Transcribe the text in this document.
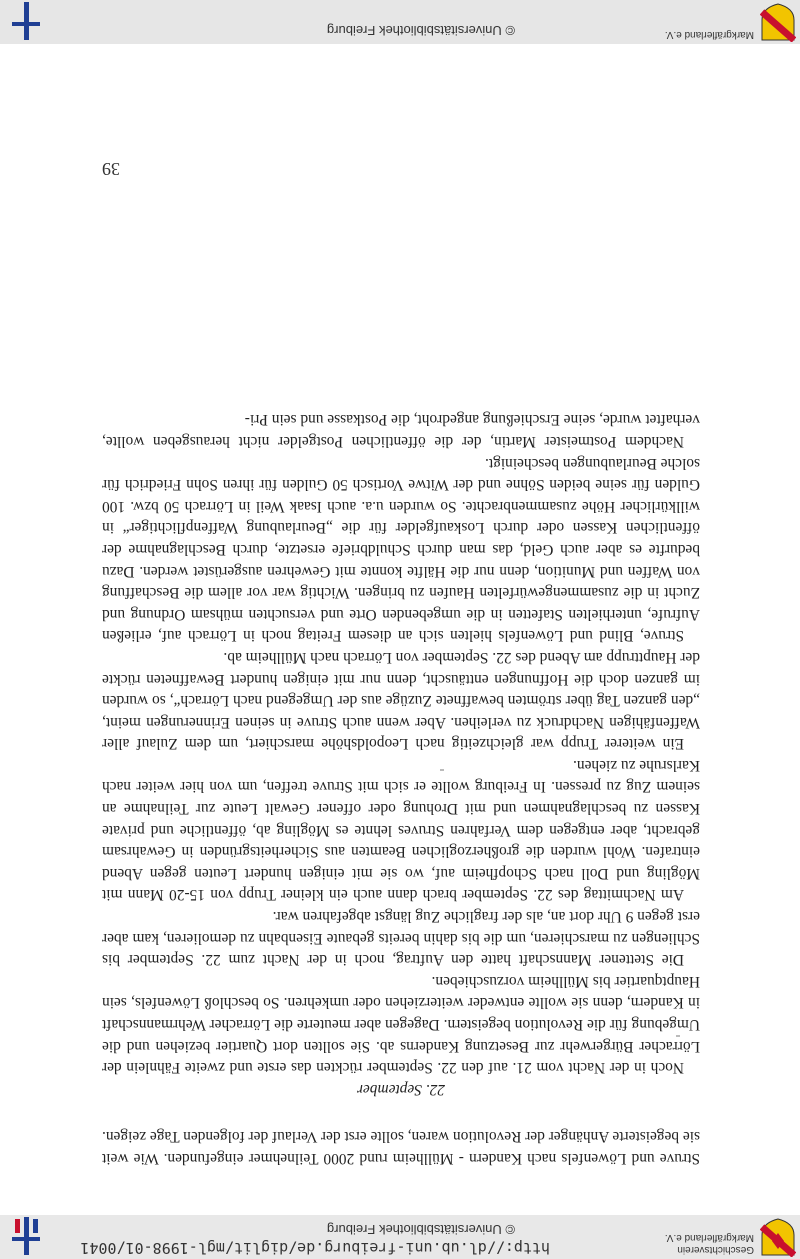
Geschichtsverein
Markgräflerland e.V.
http://dl.ub.uni-freiburg.de/diglit/mgl-1998-01/0041
© Universitätsbibliothek Freiburg

Struve und Löwenfels nach Kandern - Müllheim rund 2000 Teilnehmer eingefunden. Wie weit sie begeisterte Anhänger der Revolution waren, sollte erst der Verlauf der folgenden Tage zeigen.

22. September

Noch in der Nacht vom 21. auf den 22. September rückten das erste und zweite Fähnlein der Lörracher Bürgerwehr zur Besetzung Kanderns ab. Sie sollten dort Quartier beziehen und die Umgebung für die Revolution begeistern. Dagegen aber meuterte die Lörracher Wehrmannschaft in Kandern, denn sie wollte entweder weiterziehen oder umkehren. So beschloß Löwenfels, sein Hauptquartier bis Müllheim vorzuschieben.

Die Stettener Mannschaft hatte den Auftrag, noch in der Nacht zum 22. September bis Schliengen zu marschieren, um die bis dahin bereits gebaute Eisenbahn zu demolieren, kam aber erst gegen 9 Uhr dort an, als der fragliche Zug längst abgefahren war.

Am Nachmittag des 22. September brach dann auch ein kleiner Trupp von 15-20 Mann mit Mögling und Doll nach Schopfheim auf, wo sie mit einigen hundert Leuten gegen Abend eintrafen. Wohl wurden die großherzoglichen Beamten aus Sicherheitsgründen in Gewahrsam gebracht, aber entgegen dem Verfahren Struves lehnte es Mögling ab, öffentliche und private Kassen zu beschlagnahmen und mit Drohung oder offener Gewalt Leute zur Teilnahme an seinem Zug zu pressen. In Freiburg wollte er sich mit Struve treffen, um von hier weiter nach Karlsruhe zu ziehen.

Ein weiterer Trupp war gleichzeitig nach Leopoldshöhe marschiert, um dem Zulauf aller Waffenfähigen Nachdruck zu verleihen. Aber wenn auch Struve in seinen Erinnerungen meint, „den ganzen Tag über strömten bewaffnete Zuzüge aus der Umgegend nach Lörrach“, so wurden im ganzen doch die Hoffnungen enttäuscht, denn nur mit einigen hundert Bewaffneten rückte der Haupttrupp am Abend des 22. September von Lörrach nach Müllheim ab.

Struve, Blind und Löwenfels hielten sich an diesem Freitag noch in Lörrach auf, erließen Aufrufe, unterhielten Stafetten in die umgebenden Orte und versuchten mühsam Ordnung und Zucht in die zusammengewürfelten Haufen zu bringen. Wichtig war vor allem die Beschaffung von Waffen und Munition, denn nur die Hälfte konnte mit Gewehren ausgerüstet werden. Dazu bedurfte es aber auch Geld, das man durch Schuldbriefe ersetzte, durch Beschlagnahme der öffentlichen Kassen oder durch Loskaufgelder für die „Beurlaubung Waffenpflichtiger“ in willkürlicher Höhe zusammenbrachte. So wurden u.a. auch Isaak Weil in Lörrach 50 bzw. 100 Gulden für seine beiden Söhne und der Witwe Vortisch 50 Gulden für ihren Sohn Friedrich für solche Beurlaubungen bescheinigt.

Nachdem Postmeister Martin, der die öffentlichen Postgelder nicht herausgeben wollte, verhaftet wurde, seine Erschießung angedroht, die Postkasse und sein Pri-

39
Markgräflerland e.V.
© Universitätsbibliothek Freiburg
